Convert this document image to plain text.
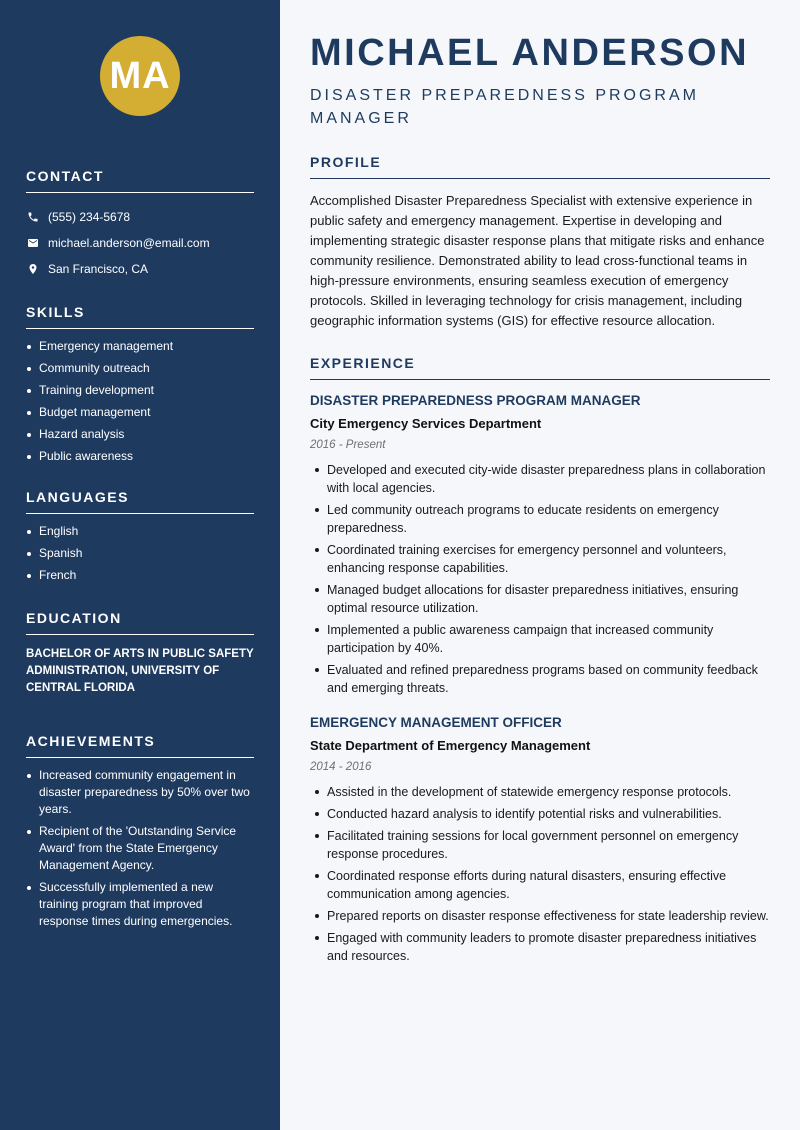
MA
CONTACT
(555) 234-5678
michael.anderson@email.com
San Francisco, CA
SKILLS
Emergency management
Community outreach
Training development
Budget management
Hazard analysis
Public awareness
LANGUAGES
English
Spanish
French
EDUCATION

BACHELOR OF ARTS IN PUBLIC SAFETY ADMINISTRATION, UNIVERSITY OF CENTRAL FLORIDA

ACHIEVEMENTS
Increased community engagement in disaster preparedness by 50% over two years.
Recipient of the 'Outstanding Service Award' from the State Emergency Management Agency.
Successfully implemented a new training program that improved response times during emergencies.
MICHAEL ANDERSON
DISASTER PREPAREDNESS PROGRAM MANAGER
PROFILE

Accomplished Disaster Preparedness Specialist with extensive experience in public safety and emergency management. Expertise in developing and implementing strategic disaster response plans that mitigate risks and enhance community resilience. Demonstrated ability to lead cross-functional teams in high-pressure environments, ensuring seamless execution of emergency protocols. Skilled in leveraging technology for crisis management, including geographic information systems (GIS) for effective resource allocation.

EXPERIENCE
DISASTER PREPAREDNESS PROGRAM MANAGER
City Emergency Services Department
2016 - Present
Developed and executed city-wide disaster preparedness plans in collaboration with local agencies.
Led community outreach programs to educate residents on emergency preparedness.
Coordinated training exercises for emergency personnel and volunteers, enhancing response capabilities.
Managed budget allocations for disaster preparedness initiatives, ensuring optimal resource utilization.
Implemented a public awareness campaign that increased community participation by 40%.
Evaluated and refined preparedness programs based on community feedback and emerging threats.
EMERGENCY MANAGEMENT OFFICER
State Department of Emergency Management
2014 - 2016
Assisted in the development of statewide emergency response protocols.
Conducted hazard analysis to identify potential risks and vulnerabilities.
Facilitated training sessions for local government personnel on emergency response procedures.
Coordinated response efforts during natural disasters, ensuring effective communication among agencies.
Prepared reports on disaster response effectiveness for state leadership review.
Engaged with community leaders to promote disaster preparedness initiatives and resources.
